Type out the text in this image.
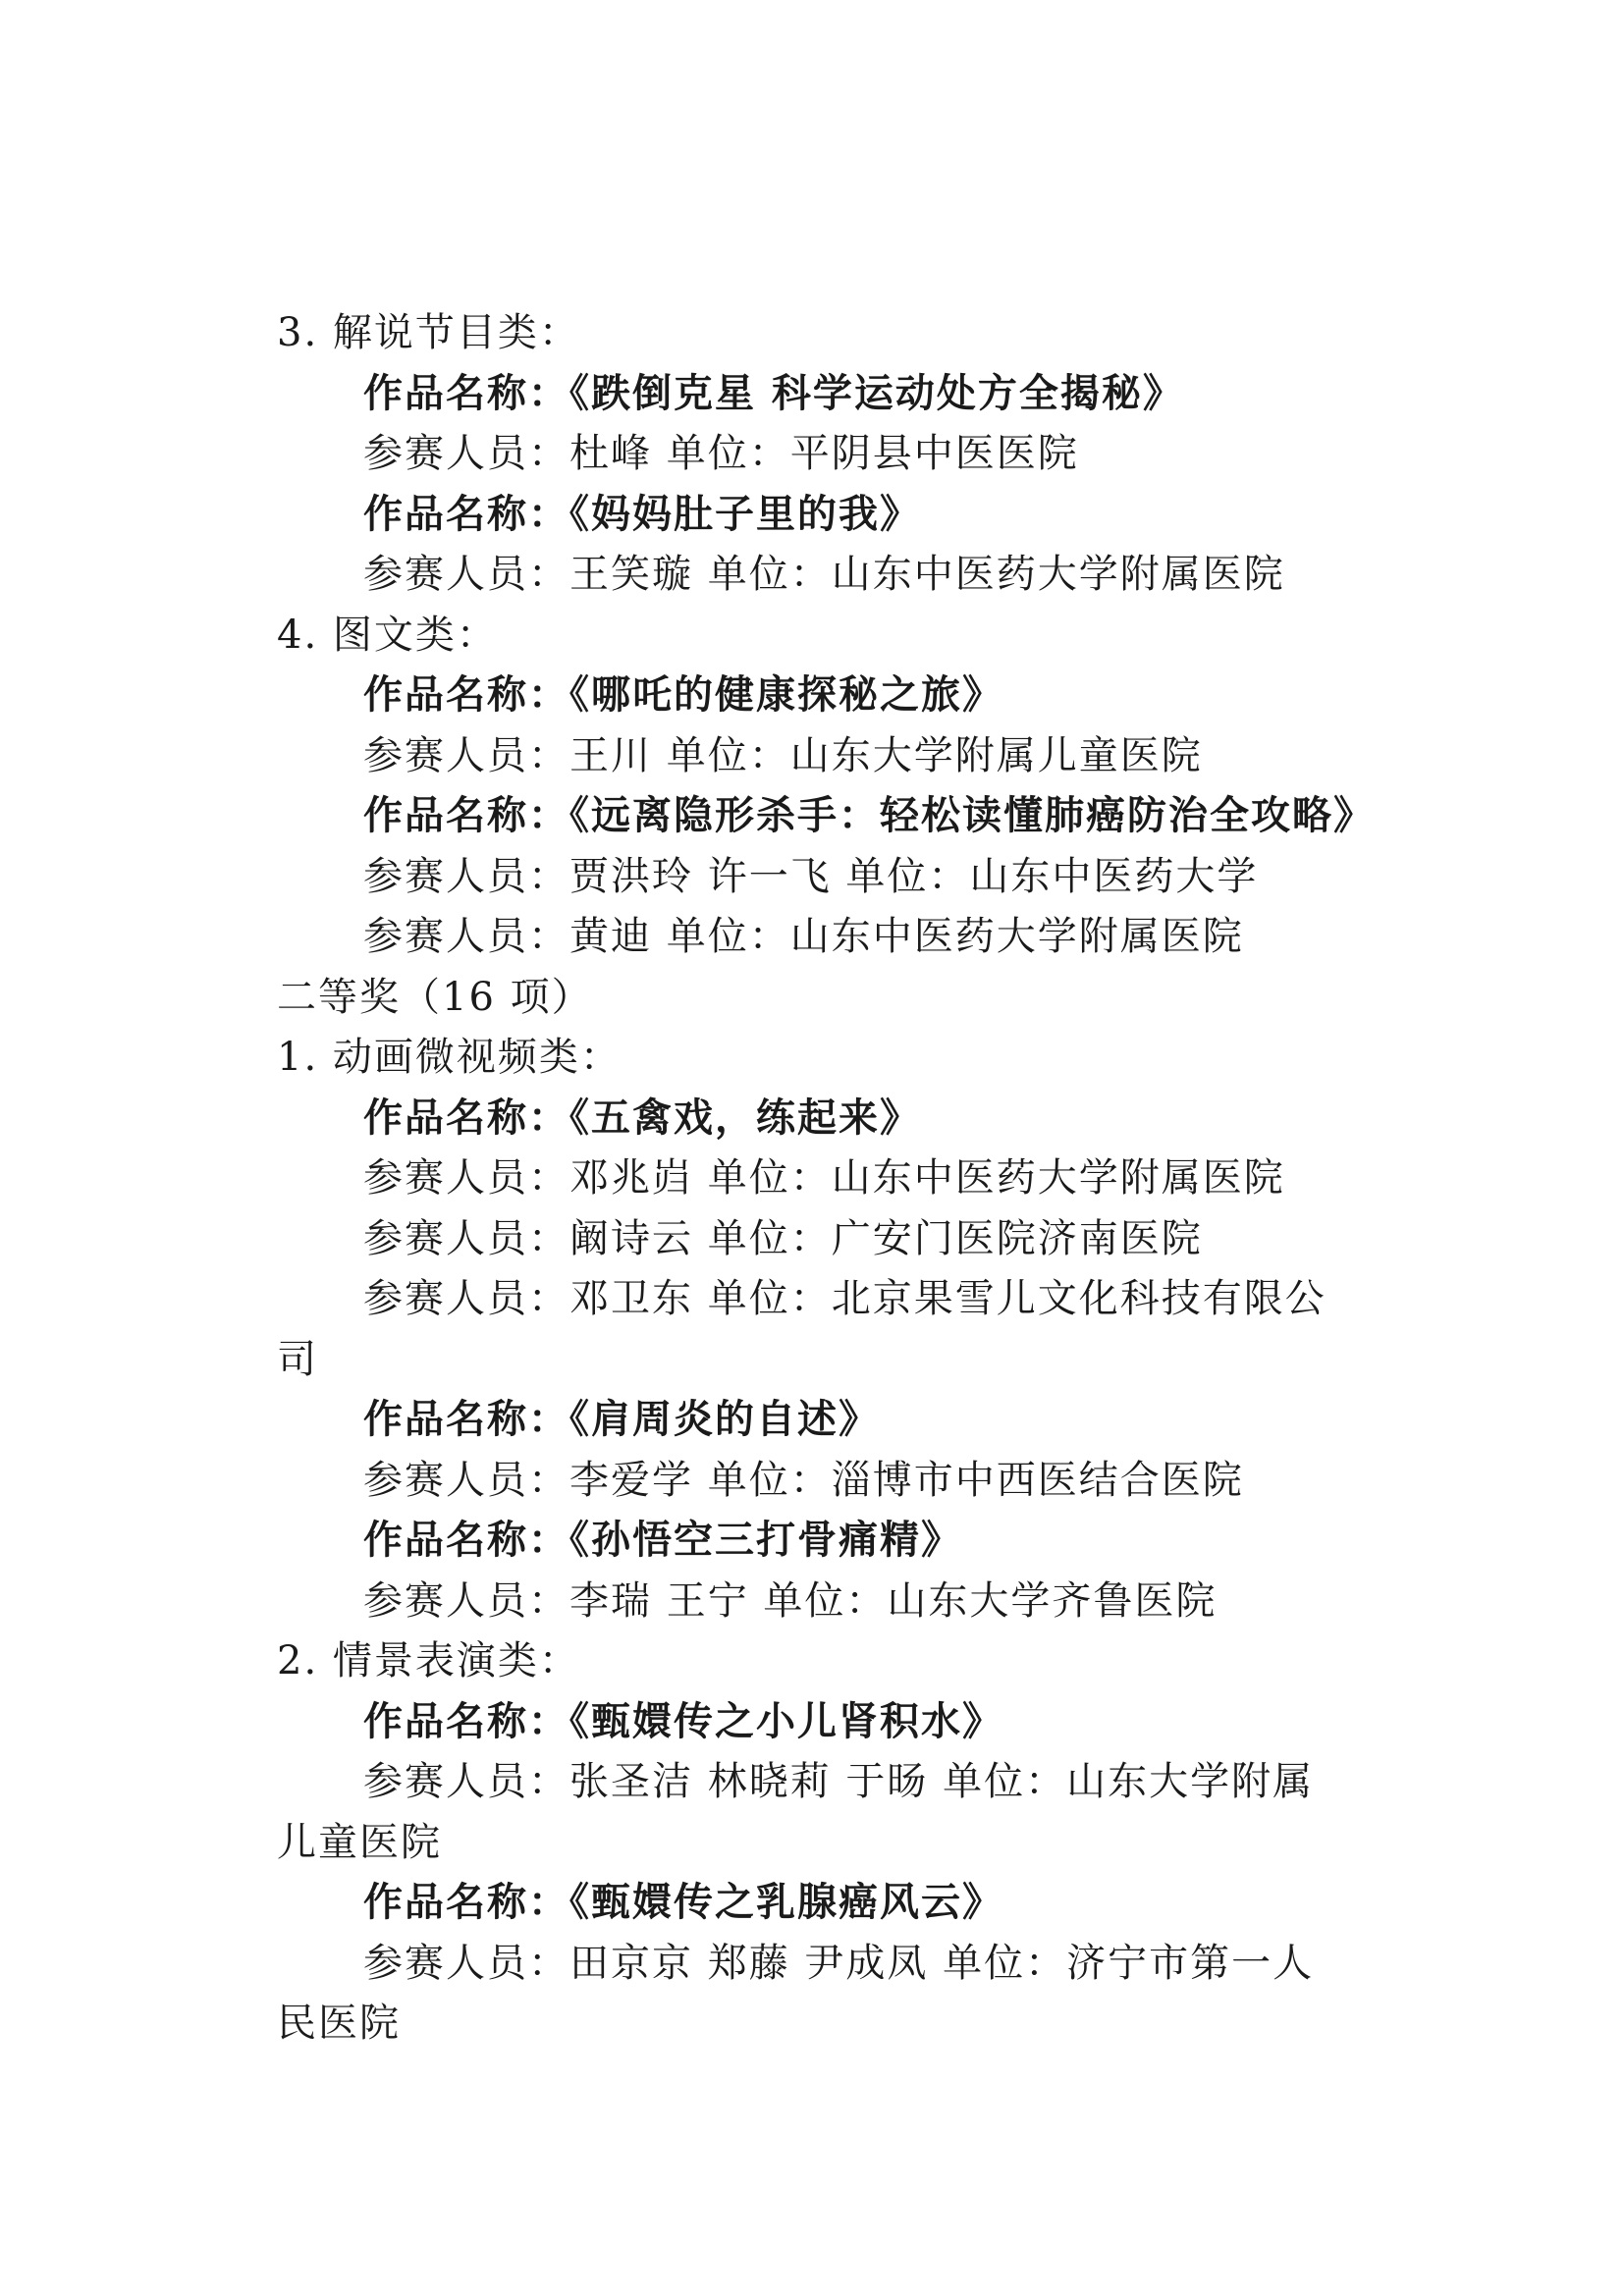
3. 解说节目类：
作品名称：《跌倒克星 科学运动处方全揭秘》
参赛人员：杜峰 单位：平阴县中医医院
作品名称：《妈妈肚子里的我》
参赛人员：王笑璇 单位：山东中医药大学附属医院
4. 图文类：
作品名称：《哪吒的健康探秘之旅》
参赛人员：王川 单位：山东大学附属儿童医院
作品名称：《远离隐形杀手：轻松读懂肺癌防治全攻略》
参赛人员：贾洪玲 许一飞 单位：山东中医药大学
参赛人员：黄迪 单位：山东中医药大学附属医院
二等奖（16 项）
1. 动画微视频类：
作品名称：《五禽戏，练起来》
参赛人员：邓兆岿 单位：山东中医药大学附属医院
参赛人员：阚诗云 单位：广安门医院济南医院
参赛人员：邓卫东 单位：北京果雪儿文化科技有限公
司
作品名称：《肩周炎的自述》
参赛人员：李爱学 单位：淄博市中西医结合医院
作品名称：《孙悟空三打骨痛精》
参赛人员：李瑞 王宁 单位：山东大学齐鲁医院
2. 情景表演类：
作品名称：《甄嬛传之小儿肾积水》
参赛人员：张圣洁 林晓莉 于旸 单位：山东大学附属
儿童医院
作品名称：《甄嬛传之乳腺癌风云》
参赛人员：田京京 郑藤 尹成凤 单位：济宁市第一人
民医院
